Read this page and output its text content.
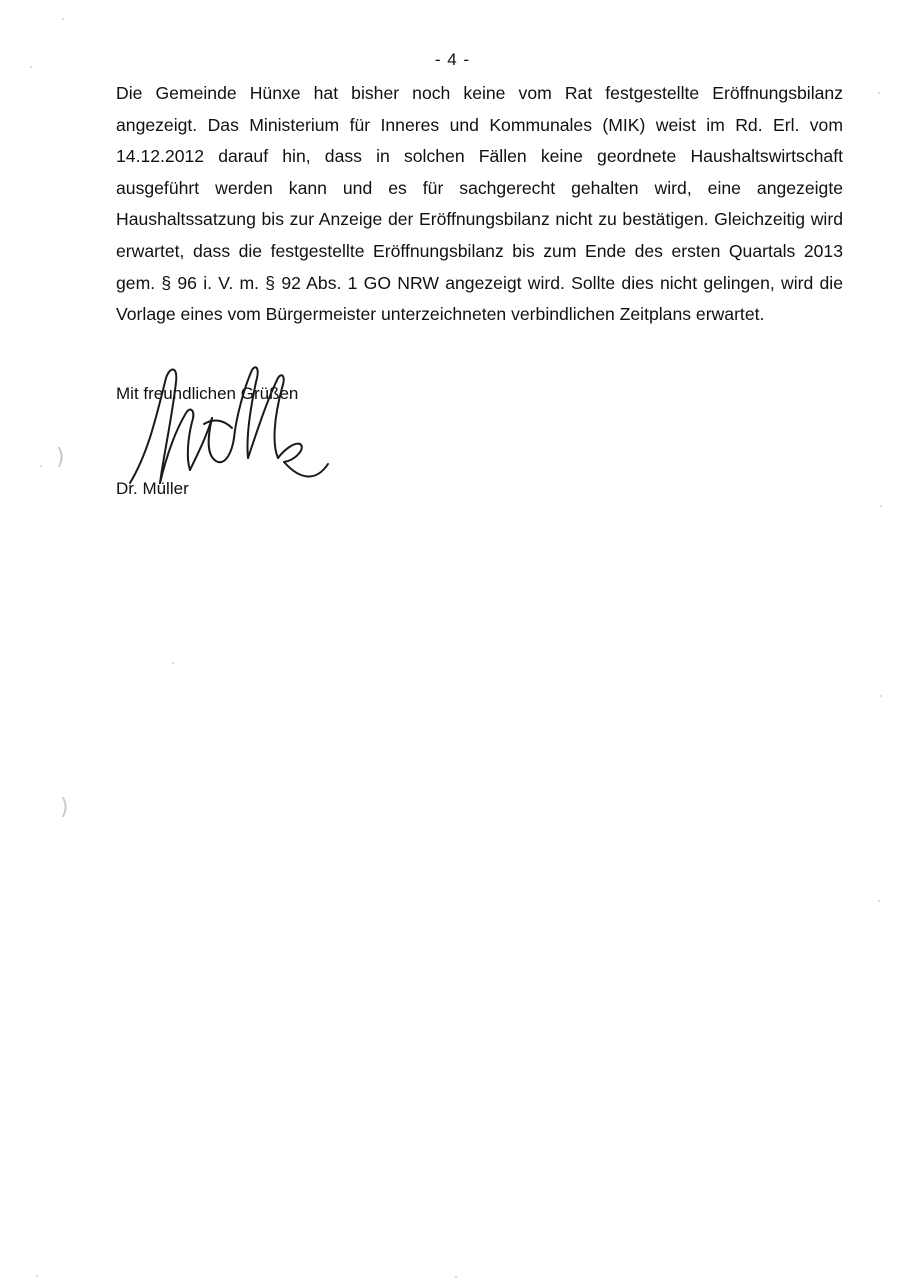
- 4 -

Die Gemeinde Hünxe hat bisher noch keine vom Rat festgestellte Eröffnungsbilanz angezeigt. Das Ministerium für Inneres und Kommunales (MIK) weist im Rd. Erl. vom 14.12.2012 darauf hin, dass in solchen Fällen keine geordnete Haushaltswirtschaft ausgeführt werden kann und es für sachgerecht gehalten wird, eine angezeigte Haushaltssatzung bis zur Anzeige der Eröffnungsbilanz nicht zu bestätigen. Gleichzeitig wird erwartet, dass die festgestellte Eröffnungsbilanz bis zum Ende des ersten Quartals 2013 gem. § 96 i. V. m. § 92 Abs. 1 GO NRW angezeigt wird. Sollte dies nicht gelingen, wird die Vorlage eines vom Bürgermeister unterzeichneten verbindlichen Zeitplans erwartet.

Mit freundlichen Grüßen

Dr. Müller

)
)
